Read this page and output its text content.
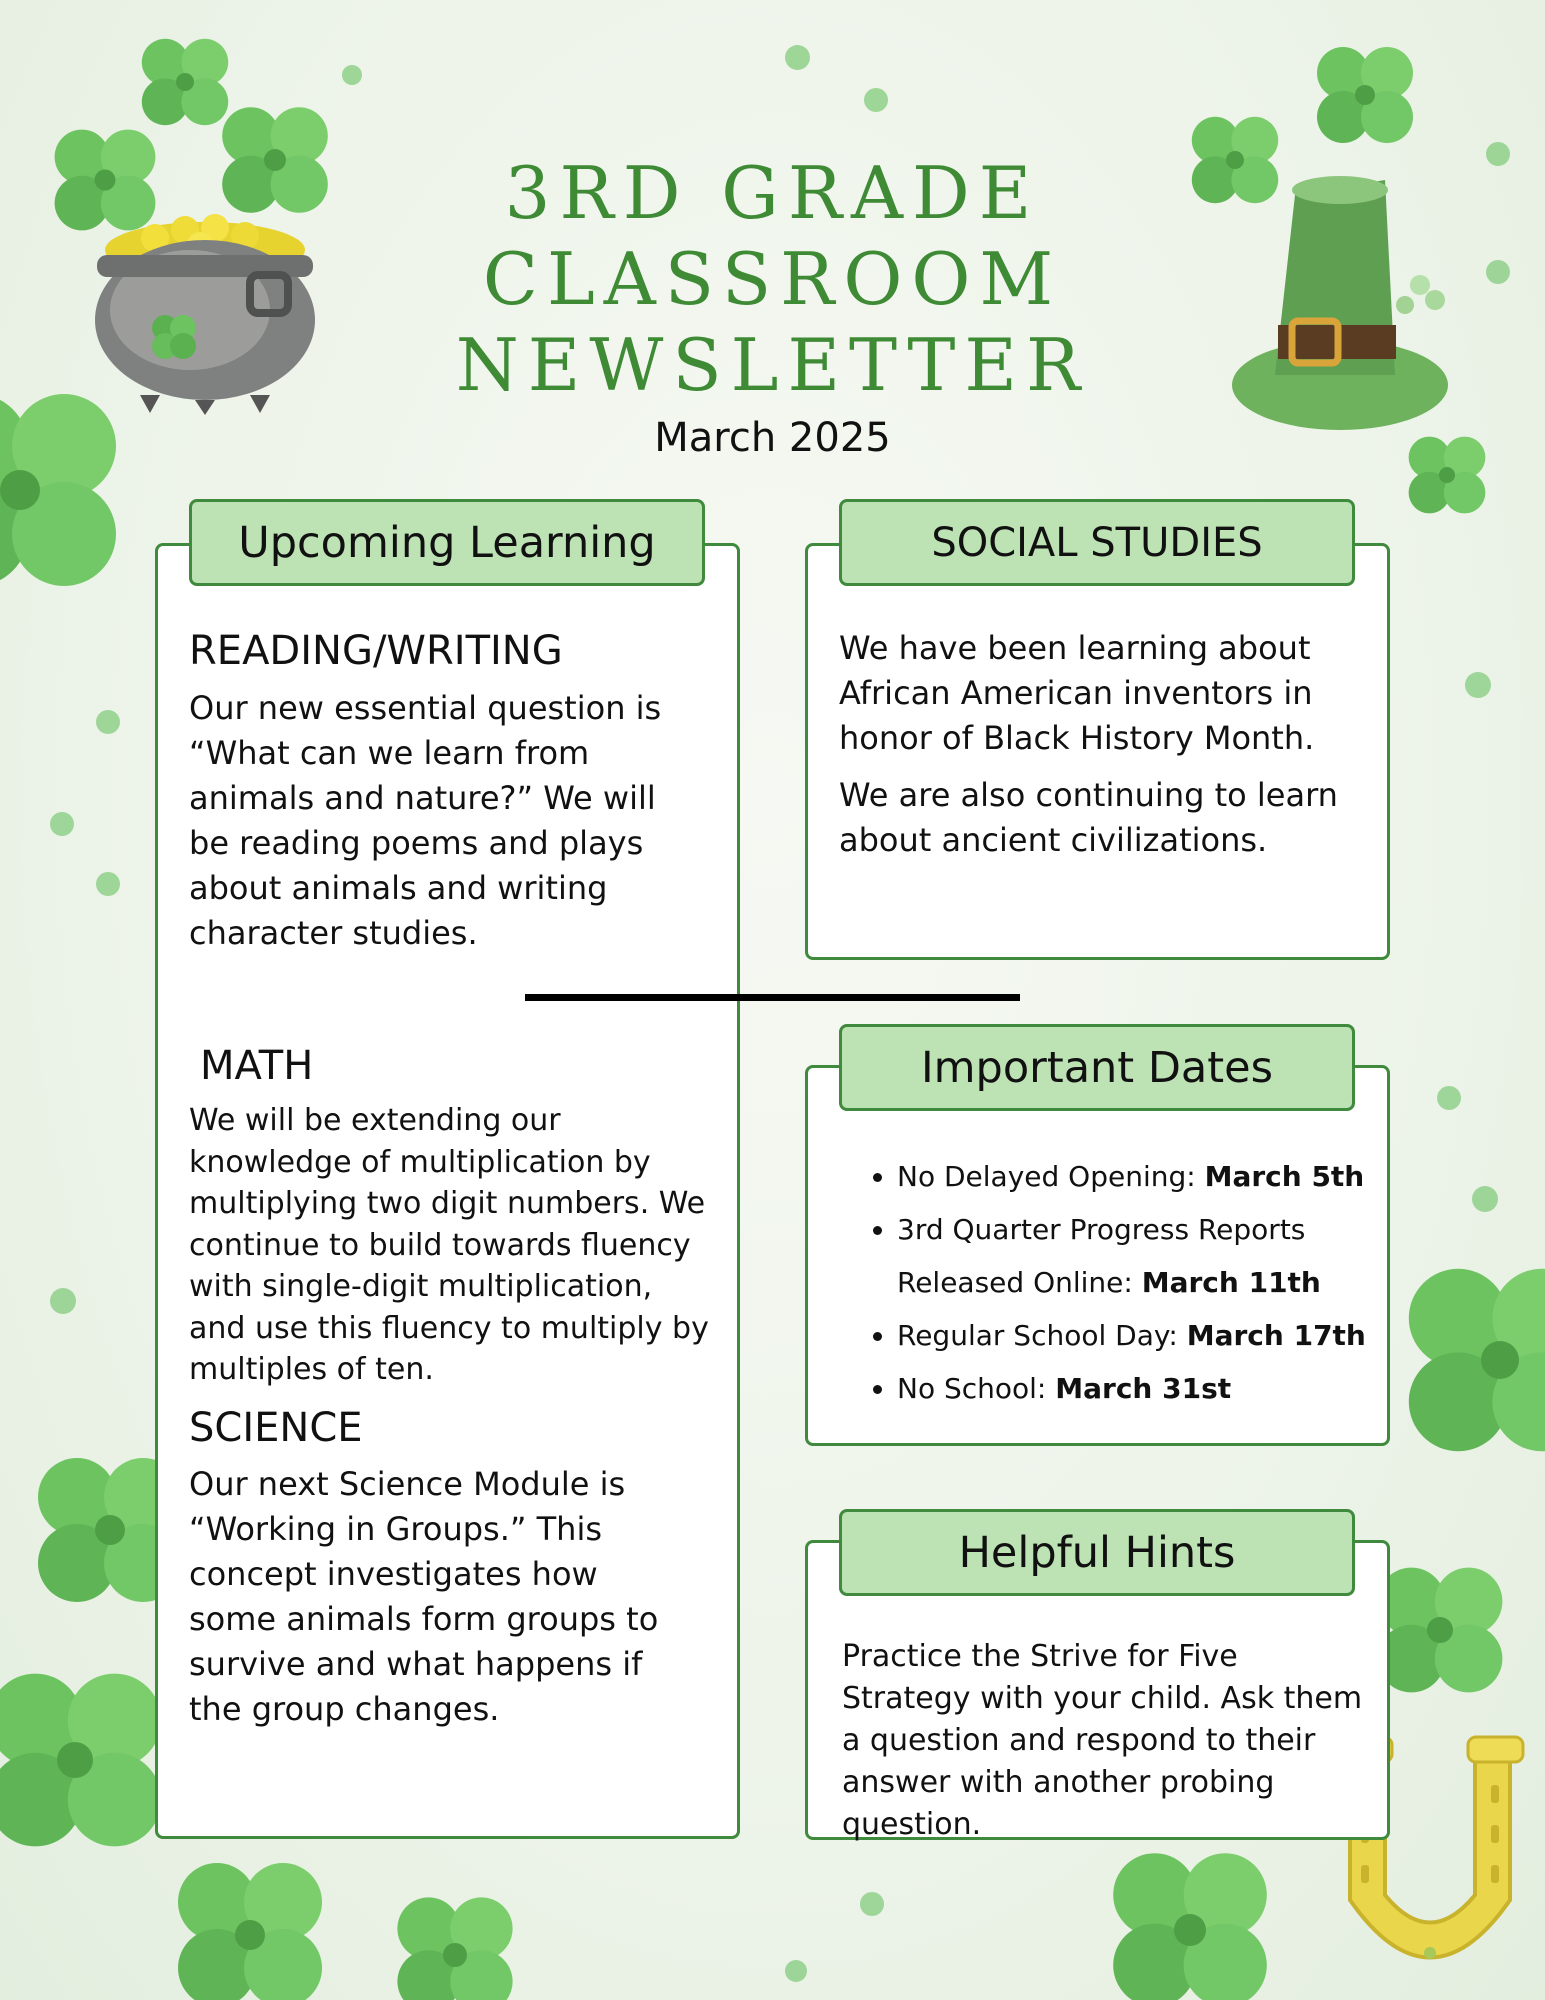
3RD GRADE
CLASSROOM
NEWSLETTER
March 2025
Upcoming Learning
READING/WRITING
Our new essential question is
“What can we learn from
animals and nature?” We will
be reading poems and plays
about animals and writing
character studies.
MATH
We will be extending our
knowledge of multiplication by
multiplying two digit numbers. We
continue to build towards fluency
with single-digit multiplication,
and use this fluency to multiply by
multiples of ten.
SCIENCE
Our next Science Module is
“Working in Groups.” This
concept investigates how
some animals form groups to
survive and what happens if
the group changes.
SOCIAL STUDIES
We have been learning about
African American inventors in
honor of Black History Month.
We are also continuing to learn
about ancient civilizations.
Important Dates
• No Delayed Opening: March 5th
• 3rd Quarter Progress Reports Released Online: March 11th
• Regular School Day: March 17th
• No School: March 31st
Helpful Hints
Practice the Strive for Five
Strategy with your child. Ask them
a question and respond to their
answer with another probing
question.
